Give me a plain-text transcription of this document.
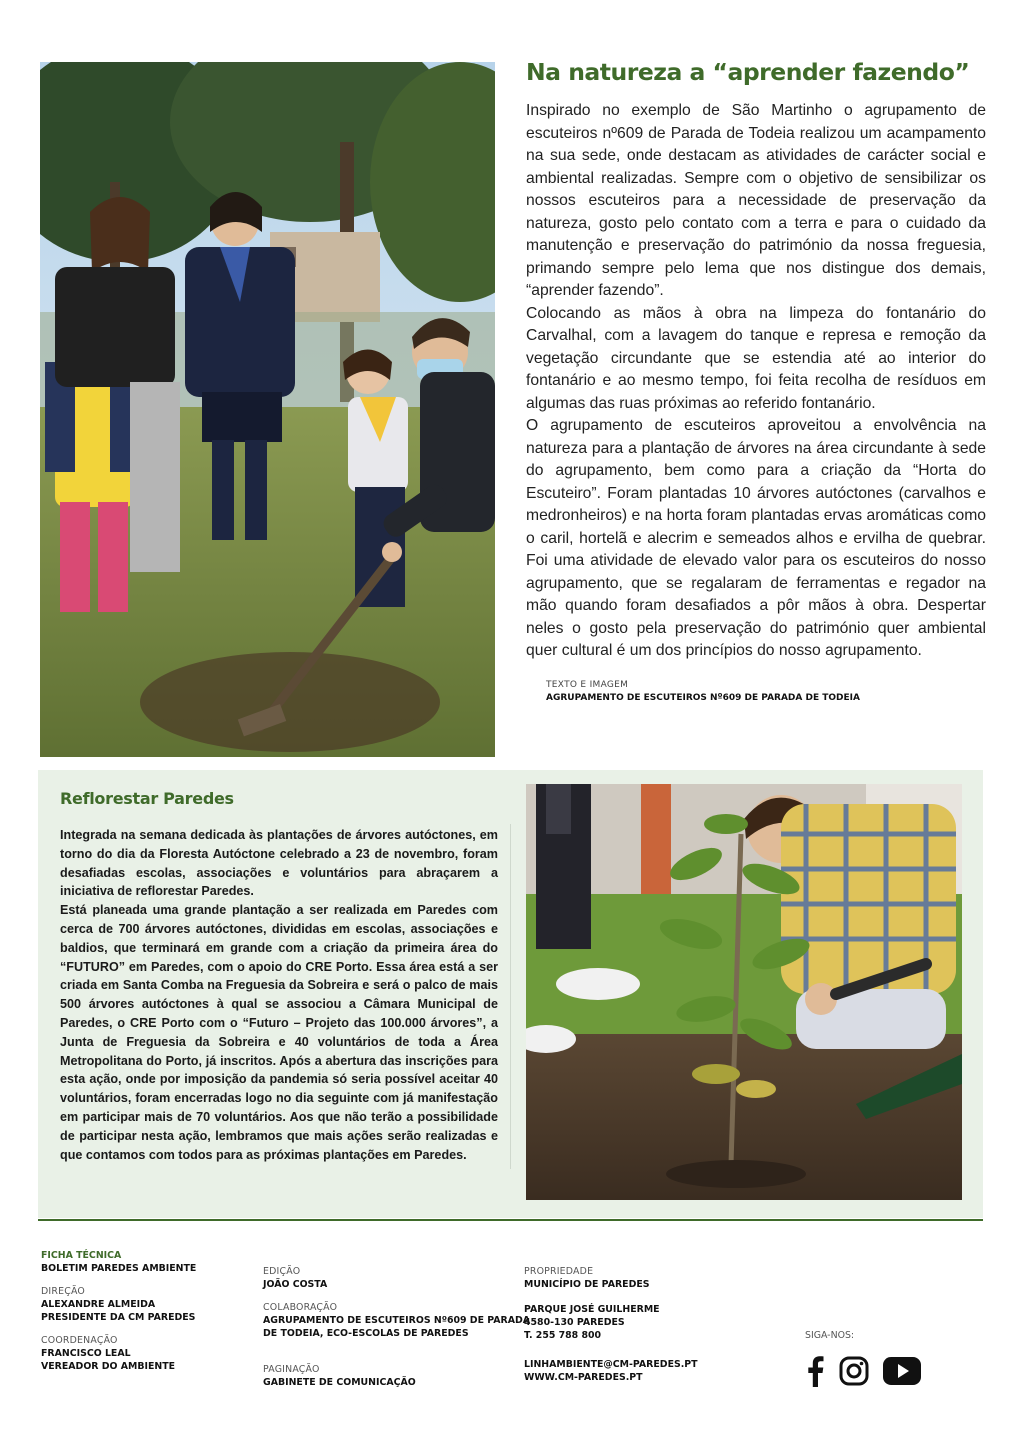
Na natureza a “aprender fazendo”

Inspirado no exemplo de São Martinho o agrupamento de escuteiros nº609 de Parada de Todeia realizou um acampamento na sua sede, onde destacam as atividades de carácter social e ambiental realizadas. Sempre com o objetivo de sensibilizar os nossos escuteiros para a necessidade de preservação da natureza, gosto pelo contato com a terra e para o cuidado da manutenção e preservação do património da nossa freguesia, primando sempre pelo lema que nos distingue dos demais, “aprender fazendo”.

Colocando as mãos à obra na limpeza do fontanário do Carvalhal, com a lavagem do tanque e represa e remoção da vegetação circundante que se estendia até ao interior do fontanário e ao mesmo tempo, foi feita recolha de resíduos em algumas das ruas próximas ao referido fontanário.

O agrupamento de escuteiros aproveitou a envolvência na natureza para a plantação de árvores na área circundante à sede do agrupamento, bem como para a criação da “Horta do Escuteiro”. Foram plantadas 10 árvores autóctones (carvalhos e medronheiros) e na horta foram plantadas ervas aromáticas como o caril, hortelã e alecrim e semeados alhos e ervilha de quebrar. Foi uma atividade de elevado valor para os escuteiros do nosso agrupamento, que se regalaram de ferramentas e regador na mão quando foram desafiados a pôr mãos à obra. Despertar neles o gosto pela preservação do património quer ambiental quer cultural é um dos princípios do nosso agrupamento.

TEXTO E IMAGEM
AGRUPAMENTO DE ESCUTEIROS Nº609 DE PARADA DE TODEIA
Reflorestar Paredes

Integrada na semana dedicada às plantações de árvores autóctones, em torno do dia da Floresta Autóctone celebrado a 23 de novembro, foram desafiadas escolas, associações e voluntários para abraçarem a iniciativa de reflorestar Paredes.

Está planeada uma grande plantação a ser realizada em Paredes com cerca de 700 árvores autóctones, divididas em escolas, associações e baldios, que terminará em grande com a criação da primeira área do “FUTURO” em Paredes, com o apoio do CRE Porto. Essa área está a ser criada em Santa Comba na Freguesia da Sobreira e será o palco de mais 500 árvores autóctones à qual se associou a Câmara Municipal de Paredes, o CRE Porto com o “Futuro – Projeto das 100.000 árvores”, a Junta de Freguesia da Sobreira e 40 voluntários de toda a Área Metropolitana do Porto, já inscritos. Após a abertura das inscrições para esta ação, onde por imposição da pandemia só seria possível aceitar 40 voluntários, foram encerradas logo no dia seguinte com já manifestação em participar mais de 70 voluntários. Aos que não terão a possibilidade de participar nesta ação, lembramos que mais ações serão realizadas e que contamos com todos para as próximas plantações em Paredes.

FICHA TÉCNICA
BOLETIM PAREDES AMBIENTE
DIREÇÃO
ALEXANDRE ALMEIDA
PRESIDENTE DA CM PAREDES
COORDENAÇÃO
FRANCISCO LEAL
VEREADOR DO AMBIENTE
EDIÇÃO
JOÃO COSTA
COLABORAÇÃO
AGRUPAMENTO DE ESCUTEIROS Nº609 DE PARADA
DE TODEIA, ECO-ESCOLAS DE PAREDES
PAGINAÇÃO
GABINETE DE COMUNICAÇÃO
PROPRIEDADE
MUNICÍPIO DE PAREDES
PARQUE JOSÉ GUILHERME
4580-130 PAREDES
T. 255 788 800
LINHAMBIENTE@CM-PAREDES.PT
WWW.CM-PAREDES.PT
SIGA-NOS:
